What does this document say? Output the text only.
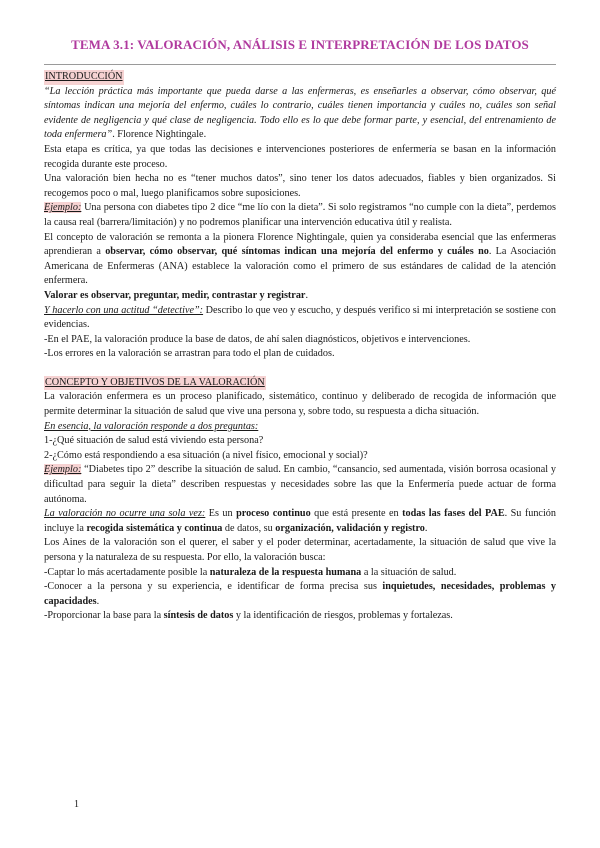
TEMA 3.1: VALORACIÓN, ANÁLISIS E INTERPRETACIÓN DE LOS DATOS

INTRODUCCIÓN

“La lección práctica más importante que pueda darse a las enfermeras, es enseñarles a observar, cómo observar, qué síntomas indican una mejoría del enfermo, cuáles lo contrario, cuáles tienen importancia y cuáles no, cuáles son señal evidente de negligencia y qué clase de negligencia. Todo ello es lo que debe formar parte, y esencial, del entrenamiento de toda enfermera”. Florence Nightingale.

Esta etapa es crítica, ya que todas las decisiones e intervenciones posteriores de enfermería se basan en la información recogida durante este proceso.

Una valoración bien hecha no es “tener muchos datos”, sino tener los datos adecuados, fiables y bien organizados. Si recogemos poco o mal, luego planificamos sobre suposiciones.

Ejemplo: Una persona con diabetes tipo 2 dice “me lío con la dieta”. Si solo registramos “no cumple con la dieta”, perdemos la causa real (barrera/limitación) y no podremos planificar una intervención educativa útil y realista.

El concepto de valoración se remonta a la pionera Florence Nightingale, quien ya consideraba esencial que las enfermeras aprendieran a observar, cómo observar, qué síntomas indican una mejoría del enfermo y cuáles no. La Asociación Americana de Enfermeras (ANA) establece la valoración como el primero de sus estándares de calidad de la atención enfermera.

Valorar es observar, preguntar, medir, contrastar y registrar.

Y hacerlo con una actitud “detective”: Describo lo que veo y escucho, y después verifico si mi interpretación se sostiene con evidencias.

-En el PAE, la valoración produce la base de datos, de ahí salen diagnósticos, objetivos e intervenciones.

-Los errores en la valoración se arrastran para todo el plan de cuidados.

CONCEPTO Y OBJETIVOS DE LA VALORACIÓN

La valoración enfermera es un proceso planificado, sistemático, continuo y deliberado de recogida de información que permite determinar la situación de salud que vive una persona y, sobre todo, su respuesta a dicha situación.

En esencia, la valoración responde a dos preguntas:

1-¿Qué situación de salud está viviendo esta persona?

2-¿Cómo está respondiendo a esa situación (a nivel físico, emocional y social)?

Ejemplo: “Diabetes tipo 2” describe la situación de salud. En cambio, “cansancio, sed aumentada, visión borrosa ocasional y dificultad para seguir la dieta” describen respuestas y necesidades sobre las que la Enfermería puede actuar de forma autónoma.

La valoración no ocurre una sola vez: Es un proceso continuo que está presente en todas las fases del PAE. Su función incluye la recogida sistemática y continua de datos, su organización, validación y registro.

Los Aines de la valoración son el querer, el saber y el poder determinar, acertadamente, la situación de salud que vive la persona y la naturaleza de su respuesta. Por ello, la valoración busca:

-Captar lo más acertadamente posible la naturaleza de la respuesta humana a la situación de salud.

-Conocer a la persona y su experiencia, e identificar de forma precisa sus inquietudes, necesidades, problemas y capacidades.

-Proporcionar la base para la síntesis de datos y la identificación de riesgos, problemas y fortalezas.

1
